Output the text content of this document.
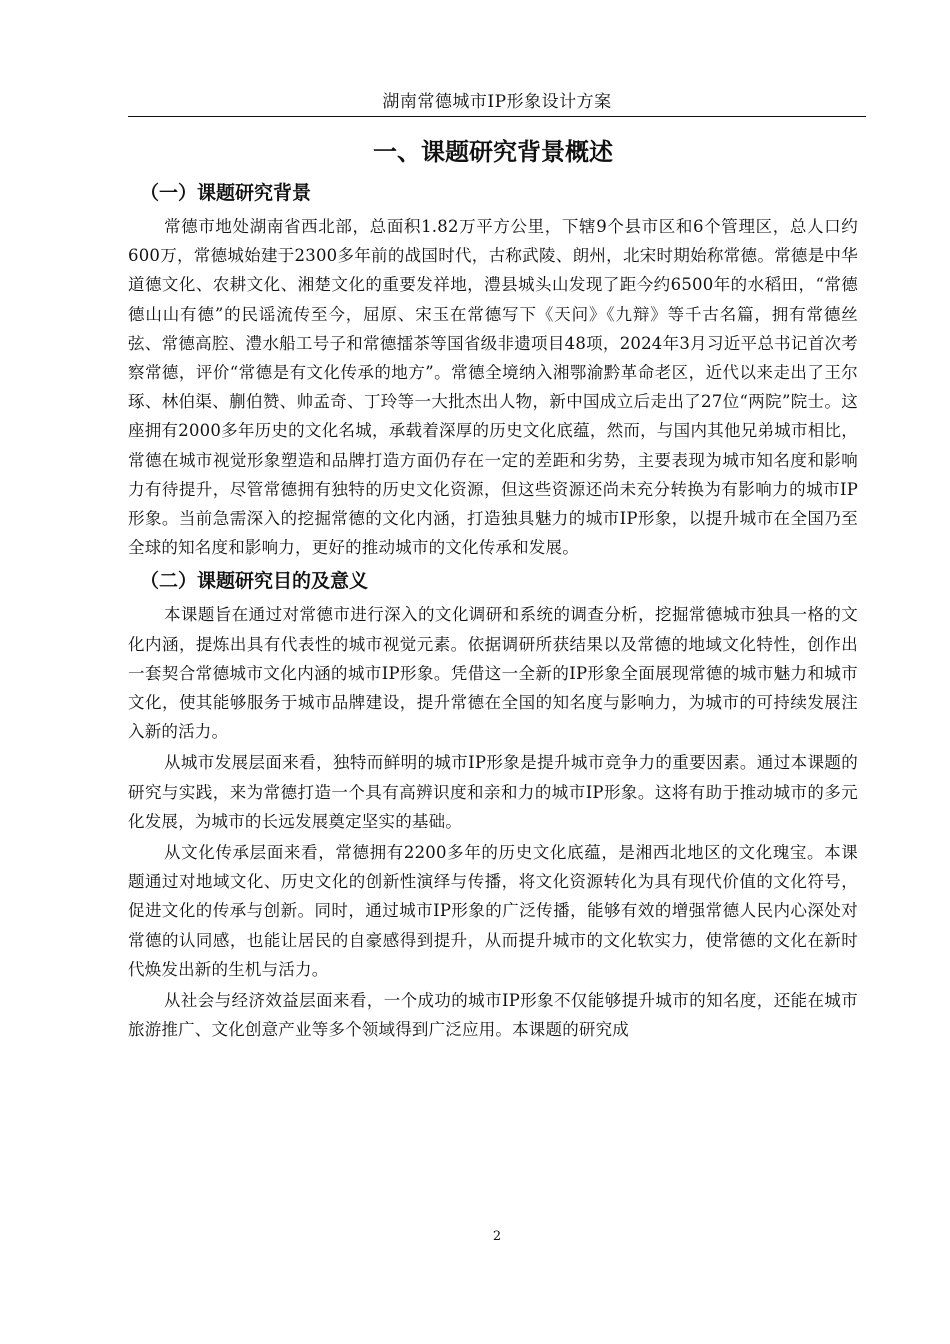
湖南常德城市IP形象设计方案
一、课题研究背景概述
（一）课题研究背景

常德市地处湖南省西北部，总面积1.82万平方公里，下辖9个县市区和6个管理区，总人口约600万，常德城始建于2300多年前的战国时代，古称武陵、朗州，北宋时期始称常德。常德是中华道德文化、农耕文化、湘楚文化的重要发祥地，澧县城头山发现了距今约6500年的水稻田，“常德德山山有德”的民谣流传至今，屈原、宋玉在常德写下《天问》《九辩》等千古名篇，拥有常德丝弦、常德高腔、澧水船工号子和常德擂茶等国省级非遗项目48项，2024年3月习近平总书记首次考察常德，评价“常德是有文化传承的地方”。常德全境纳入湘鄂渝黔革命老区，近代以来走出了王尔琢、林伯渠、蒯伯赞、帅孟奇、丁玲等一大批杰出人物，新中国成立后走出了27位“两院”院士。这座拥有2000多年历史的文化名城，承载着深厚的历史文化底蕴，然而，与国内其他兄弟城市相比，常德在城市视觉形象塑造和品牌打造方面仍存在一定的差距和劣势，主要表现为城市知名度和影响力有待提升，尽管常德拥有独特的历史文化资源，但这些资源还尚未充分转换为有影响力的城市IP形象。当前急需深入的挖掘常德的文化内涵，打造独具魅力的城市IP形象，以提升城市在全国乃至全球的知名度和影响力，更好的推动城市的文化传承和发展。

（二）课题研究目的及意义

本课题旨在通过对常德市进行深入的文化调研和系统的调查分析，挖掘常德城市独具一格的文化内涵，提炼出具有代表性的城市视觉元素。依据调研所获结果以及常德的地域文化特性，创作出一套契合常德城市文化内涵的城市IP形象。凭借这一全新的IP形象全面展现常德的城市魅力和城市文化，使其能够服务于城市品牌建设，提升常德在全国的知名度与影响力，为城市的可持续发展注入新的活力。

从城市发展层面来看，独特而鲜明的城市IP形象是提升城市竞争力的重要因素。通过本课题的研究与实践，来为常德打造一个具有高辨识度和亲和力的城市IP形象。这将有助于推动城市的多元化发展，为城市的长远发展奠定坚实的基础。

从文化传承层面来看，常德拥有2200多年的历史文化底蕴，是湘西北地区的文化瑰宝。本课题通过对地域文化、历史文化的创新性演绎与传播，将文化资源转化为具有现代价值的文化符号，促进文化的传承与创新。同时，通过城市IP形象的广泛传播，能够有效的增强常德人民内心深处对常德的认同感，也能让居民的自豪感得到提升，从而提升城市的文化软实力，使常德的文化在新时代焕发出新的生机与活力。

从社会与经济效益层面来看，一个成功的城市IP形象不仅能够提升城市的知名度，还能在城市旅游推广、文化创意产业等多个领域得到广泛应用。本课题的研究成

2
